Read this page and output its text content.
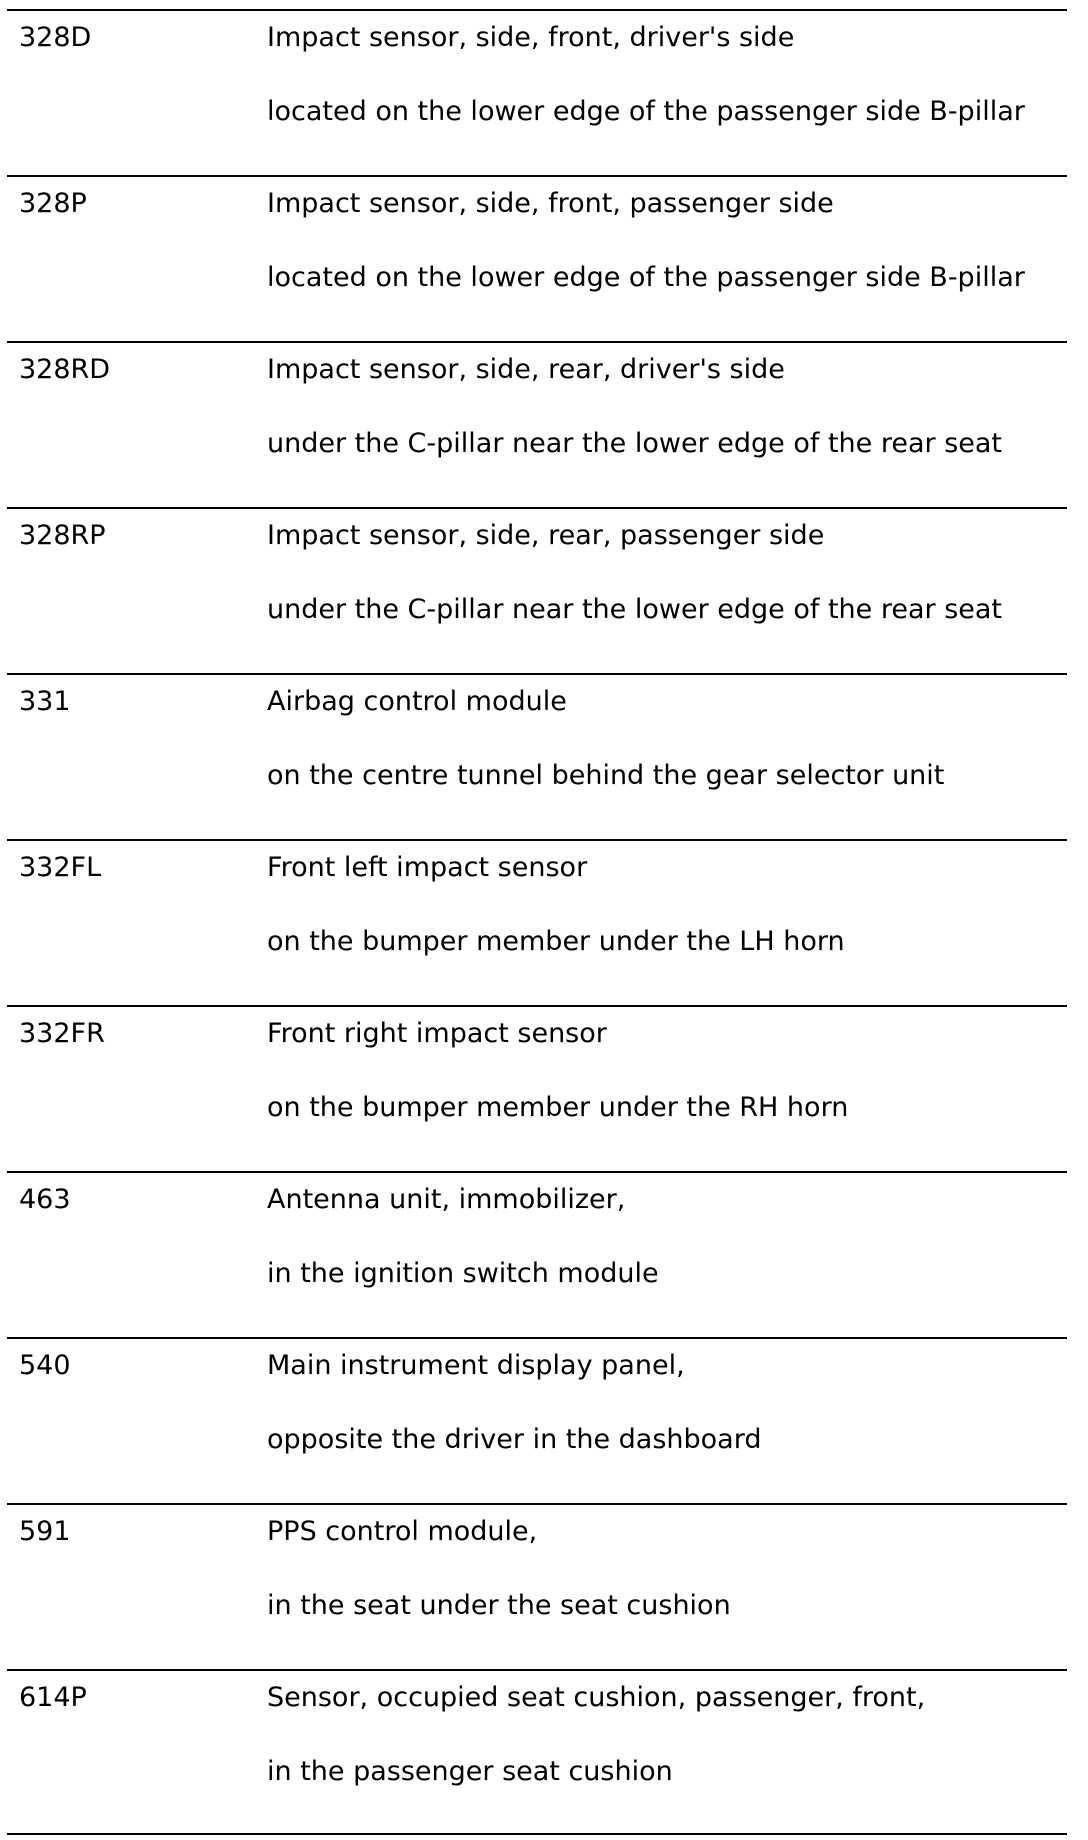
328D	Impact sensor, side, front, driver's side
located on the lower edge of the passenger side B-pillar
328P	Impact sensor, side, front, passenger side
located on the lower edge of the passenger side B-pillar
328RD	Impact sensor, side, rear, driver's side
under the C-pillar near the lower edge of the rear seat
328RP	Impact sensor, side, rear, passenger side
under the C-pillar near the lower edge of the rear seat
331	Airbag control module
on the centre tunnel behind the gear selector unit
332FL	Front left impact sensor
on the bumper member under the LH horn
332FR	Front right impact sensor
on the bumper member under the RH horn
463	Antenna unit, immobilizer,
in the ignition switch module
540	Main instrument display panel,
opposite the driver in the dashboard
591	PPS control module,
in the seat under the seat cushion
614P	Sensor, occupied seat cushion, passenger, front,
in the passenger seat cushion
